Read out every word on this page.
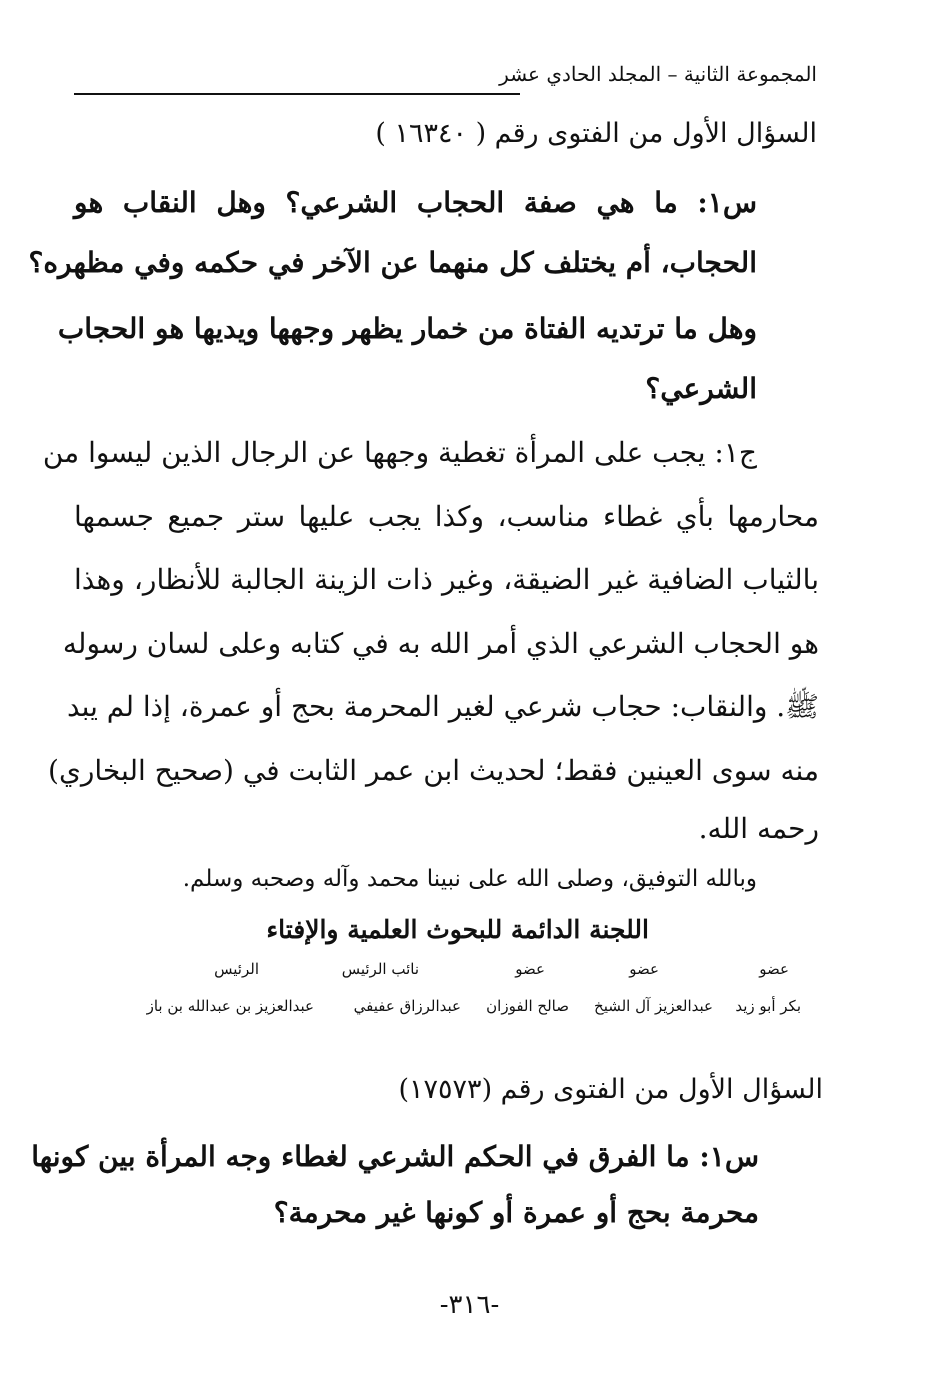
المجموعة الثانية – المجلد الحادي عشر
السؤال الأول من الفتوى رقم ( ١٦٣٤٠ )
س١: ما هي صفة الحجاب الشرعي؟ وهل النقاب هو
الحجاب، أم يختلف كل منهما عن الآخر في حكمه وفي مظهره؟
وهل ما ترتديه الفتاة من خمار يظهر وجهها ويديها هو الحجاب
الشرعي؟
ج١: يجب على المرأة تغطية وجهها عن الرجال الذين ليسوا من
محارمها بأي غطاء مناسب، وكذا يجب عليها ستر جميع جسمها
بالثياب الضافية غير الضيقة، وغير ذات الزينة الجالبة للأنظار، وهذا
هو الحجاب الشرعي الذي أمر الله به في كتابه وعلى لسان رسوله
ﷺ. والنقاب: حجاب شرعي لغير المحرمة بحج أو عمرة، إذا لم يبد
منه سوى العينين فقط؛ لحديث ابن عمر الثابت في (صحيح البخاري)
رحمه الله.
وبالله التوفيق، وصلى الله على نبينا محمد وآله وصحبه وسلم.
اللجنة الدائمة للبحوث العلمية والإفتاء
عضو
عضو
عضو
نائب الرئيس
الرئيس
بكر أبو زيد
عبدالعزيز آل الشيخ
صالح الفوزان
عبدالرزاق عفيفي
عبدالعزيز بن عبدالله بن باز
السؤال الأول من الفتوى رقم (١٧٥٧٣)
س١: ما الفرق في الحكم الشرعي لغطاء وجه المرأة بين كونها
محرمة بحج أو عمرة أو كونها غير محرمة؟
-٣١٦-
